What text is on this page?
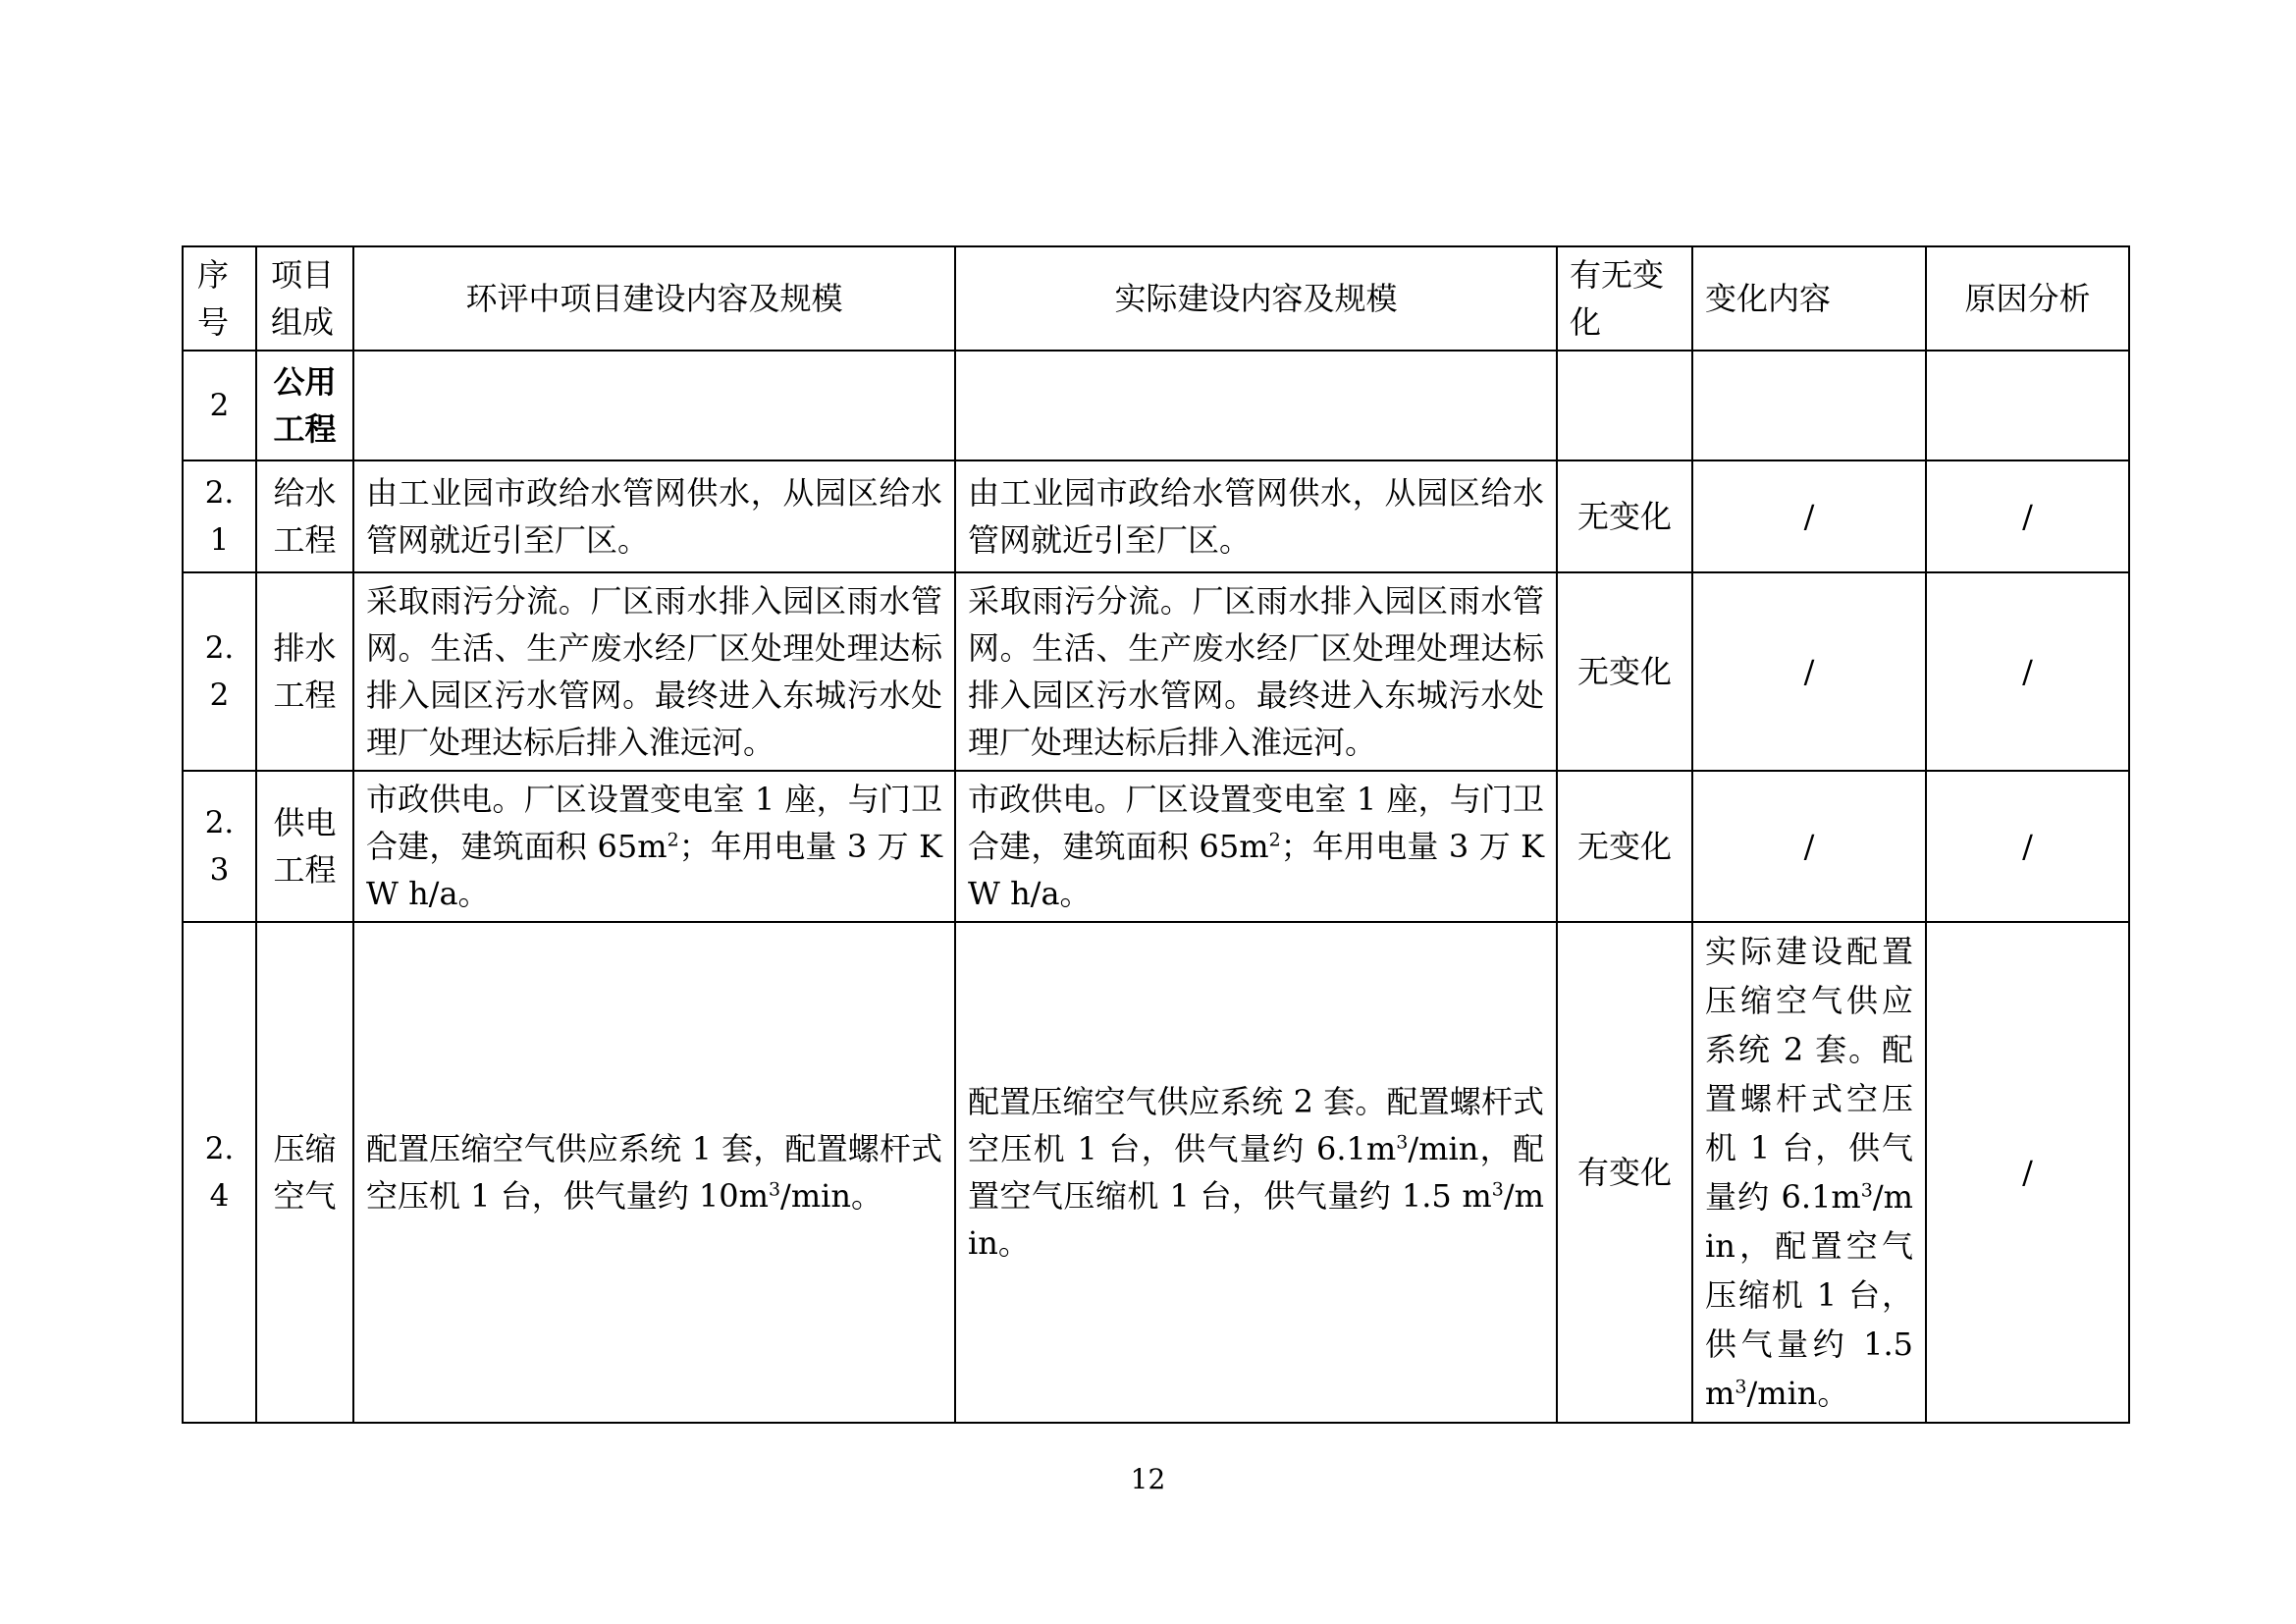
序号	项目组成	环评中项目建设内容及规模	实际建设内容及规模	有无变化	变化内容	原因分析
2	公用工程					
2.1	给水工程	由工业园市政给水管网供水，从园区给水管网就近引至厂区。	由工业园市政给水管网供水，从园区给水管网就近引至厂区。	无变化	/	/
2.2	排水工程	采取雨污分流。厂区雨水排入园区雨水管网。生活、生产废水经厂区处理处理达标排入园区污水管网。最终进入东城污水处理厂处理达标后排入淮远河。	采取雨污分流。厂区雨水排入园区雨水管网。生活、生产废水经厂区处理处理达标排入园区污水管网。最终进入东城污水处理厂处理达标后排入淮远河。	无变化	/	/
2.3	供电工程	市政供电。厂区设置变电室 1 座，与门卫合建，建筑面积 $65m^2$；年用电量 3 万 KW h/a。	市政供电。厂区设置变电室 1 座，与门卫合建，建筑面积 $65m^2$；年用电量 3 万 KW h/a。	无变化	/	/
2.4	压缩空气	配置压缩空气供应系统 1 套，配置螺杆式空压机 1 台，供气量约 $10m^3/\min$。	配置压缩空气供应系统 2 套。配置螺杆式空压机 1 台，供气量约 $6.1m^3/\min$，配置空气压缩机 1 台，供气量约 1.5 $m^3/\min$。	有变化	实际建设配置压缩空气供应系统 2 套。配置螺杆式空压机 1 台，供气量约 $6.1m^3/\min$，配置空气压缩机 1 台，供气量约 1.5 $m^3/\min$。	/
12
